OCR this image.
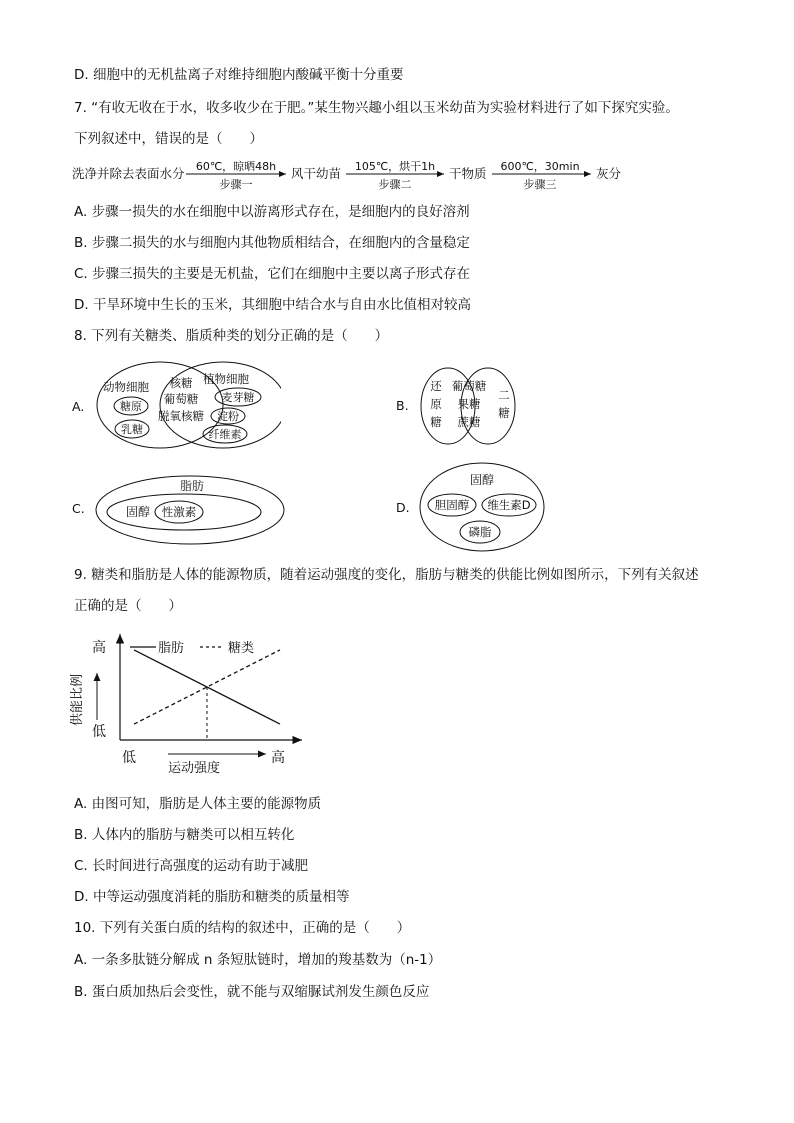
D. 细胞中的无机盐离子对维持细胞内酸碱平衡十分重要
7. “有收无收在于水，收多收少在于肥。”某生物兴趣小组以玉米幼苗为实验材料进行了如下探究实验。
下列叙述中，错误的是（　　）
洗净并除去表面水分 60℃，晾晒48h
步骤一
风干幼苗 105℃，烘干1h
步骤二
干物质 600℃，30min
步骤三
灰分
A. 步骤一损失的水在细胞中以游离形式存在，是细胞内的良好溶剂
B. 步骤二损失的水与细胞内其他物质相结合，在细胞内的含量稳定
C. 步骤三损失的主要是无机盐，它们在细胞中主要以离子形式存在
D. 干旱环境中生长的玉米，其细胞中结合水与自由水比值相对较高
8. 下列有关糖类、脂质种类的划分正确的是（　　）
A.
动物细胞
糖原
乳糖
核糖
葡萄糖
脱氧核糖
植物细胞
麦芽糖
淀粉
纤维素
B.
还
原
糖
葡萄糖
果糖
蔗糖
二
糖
C.
脂肪
固醇 性激素	D.
固醇
胆固醇 维生素D
磷脂
9. 糖类和脂肪是人体的能源物质，随着运动强度的变化，脂肪与糖类的供能比例如图所示，下列有关叙述
正确的是（　　）
供能比例
运动强度
高
低
低	高
脂肪	糖类
A. 由图可知，脂肪是人体主要的能源物质
B. 人体内的脂肪与糖类可以相互转化
C. 长时间进行高强度的运动有助于减肥
D. 中等运动强度消耗的脂肪和糖类的质量相等
10. 下列有关蛋白质的结构的叙述中，正确的是（　　）
A. 一条多肽链分解成 n 条短肽链时，增加的羧基数为（n-1）
B. 蛋白质加热后会变性，就不能与双缩脲试剂发生颜色反应
